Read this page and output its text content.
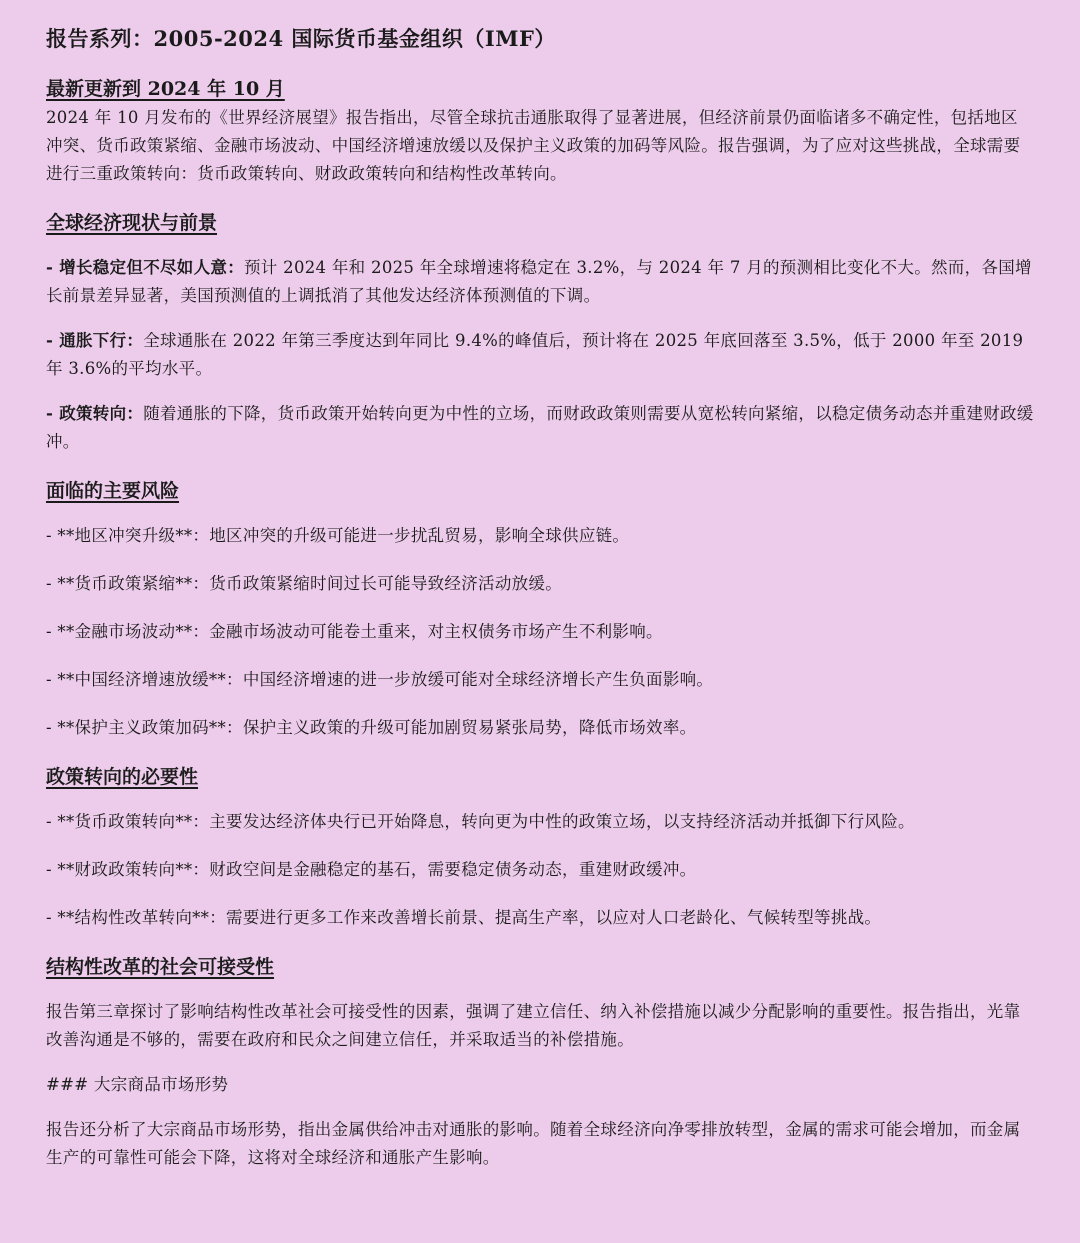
报告系列：2005-2024 国际货币基金组织（IMF）
最新更新到 2024 年 10 月

2024 年 10 月发布的《世界经济展望》报告指出，尽管全球抗击通胀取得了显著进展，但经济前景仍面临诸多不确定性，包括地区冲突、货币政策紧缩、金融市场波动、中国经济增速放缓以及保护主义政策的加码等风险。报告强调，为了应对这些挑战，全球需要进行三重政策转向：货币政策转向、财政政策转向和结构性改革转向。

全球经济现状与前景

- 增长稳定但不尽如人意：预计 2024 年和 2025 年全球增速将稳定在 3.2%，与 2024 年 7 月的预测相比变化不大。然而，各国增长前景差异显著，美国预测值的上调抵消了其他发达经济体预测值的下调。

- 通胀下行：全球通胀在 2022 年第三季度达到年同比 9.4%的峰值后，预计将在 2025 年底回落至 3.5%，低于 2000 年至 2019 年 3.6%的平均水平。

- 政策转向：随着通胀的下降，货币政策开始转向更为中性的立场，而财政政策则需要从宽松转向紧缩，以稳定债务动态并重建财政缓冲。

面临的主要风险

- **地区冲突升级**：地区冲突的升级可能进一步扰乱贸易，影响全球供应链。

- **货币政策紧缩**：货币政策紧缩时间过长可能导致经济活动放缓。

- **金融市场波动**：金融市场波动可能卷土重来，对主权债务市场产生不利影响。

- **中国经济增速放缓**：中国经济增速的进一步放缓可能对全球经济增长产生负面影响。

- **保护主义政策加码**：保护主义政策的升级可能加剧贸易紧张局势，降低市场效率。

政策转向的必要性

- **货币政策转向**：主要发达经济体央行已开始降息，转向更为中性的政策立场，以支持经济活动并抵御下行风险。

- **财政政策转向**：财政空间是金融稳定的基石，需要稳定债务动态，重建财政缓冲。

- **结构性改革转向**：需要进行更多工作来改善增长前景、提高生产率，以应对人口老龄化、气候转型等挑战。

结构性改革的社会可接受性

报告第三章探讨了影响结构性改革社会可接受性的因素，强调了建立信任、纳入补偿措施以减少分配影响的重要性。报告指出，光靠改善沟通是不够的，需要在政府和民众之间建立信任，并采取适当的补偿措施。

### 大宗商品市场形势

报告还分析了大宗商品市场形势，指出金属供给冲击对通胀的影响。随着全球经济向净零排放转型，金属的需求可能会增加，而金属生产的可靠性可能会下降，这将对全球经济和通胀产生影响。
